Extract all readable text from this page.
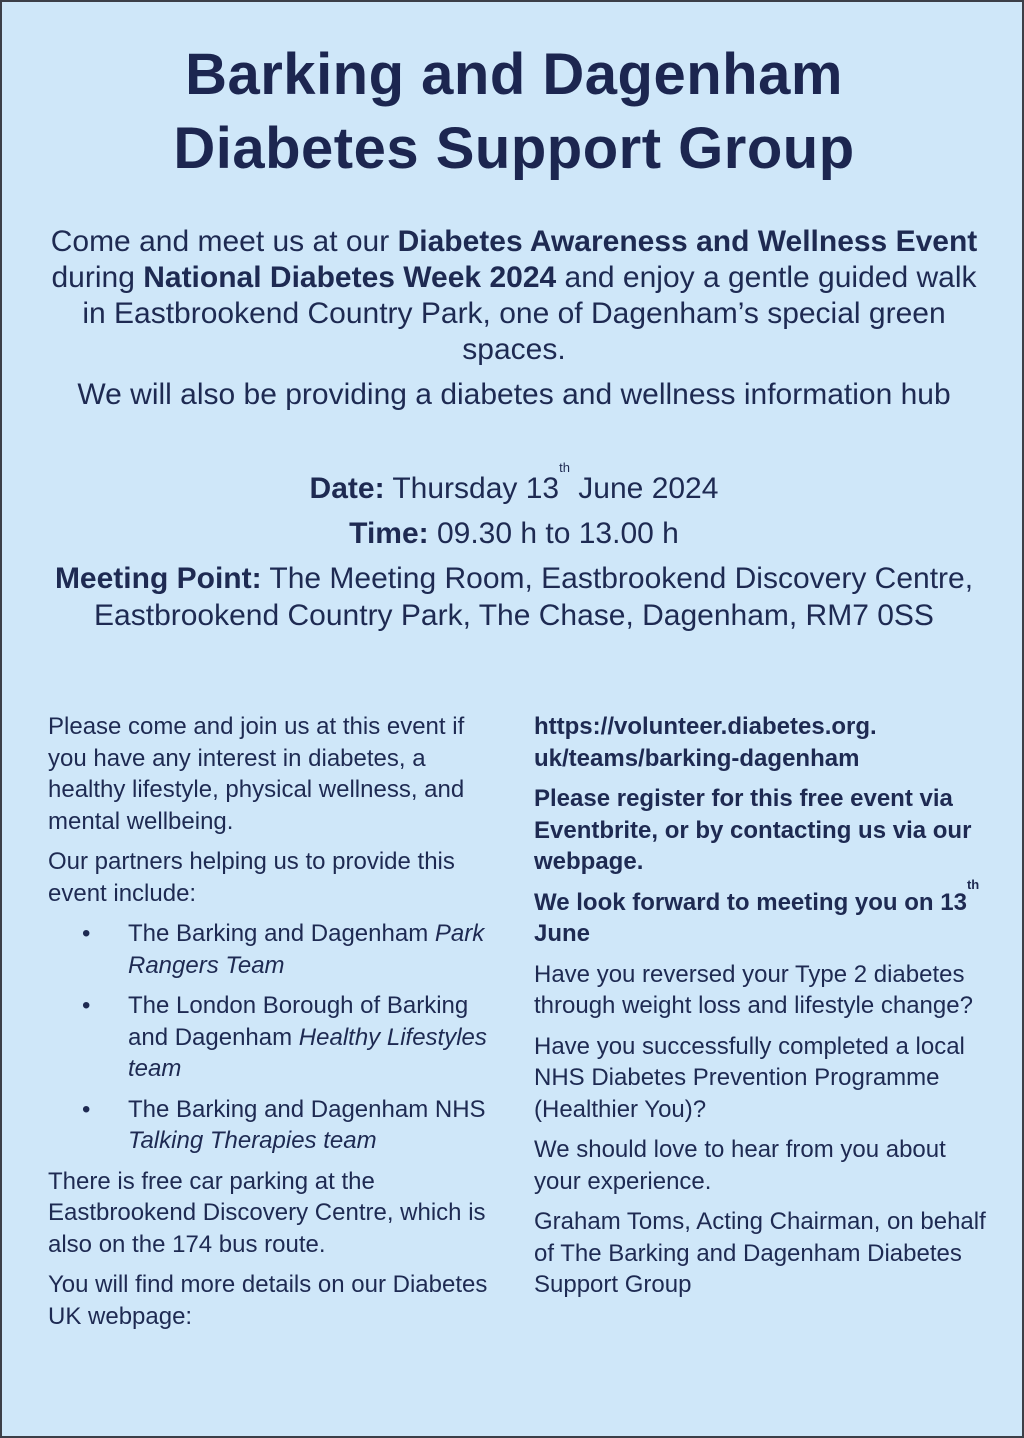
Barking and Dagenham
Diabetes Support Group

Come and meet us at our Diabetes Awareness and Wellness Event during National Diabetes Week 2024 and enjoy a gentle guided walk in Eastbrookend Country Park, one of Dagenham’s special green spaces.

We will also be providing a diabetes and wellness information hub

Date: Thursday 13th June 2024

Time: 09.30 h to 13.00 h

Meeting Point: The Meeting Room, Eastbrookend Discovery Centre, Eastbrookend Country Park, The Chase, Dagenham, RM7 0SS

Please come and join us at this event if you have any interest in diabetes, a healthy lifestyle, physical wellness, and mental wellbeing.

Our partners helping us to provide this event include:

• The Barking and Dagenham Park Rangers Team
• The London Borough of Barking and Dagenham Healthy Lifestyles team
• The Barking and Dagenham NHS Talking Therapies team

There is free car parking at the Eastbrookend Discovery Centre, which is also on the 174 bus route.

You will find more details on our Diabetes UK webpage:

https://volunteer.diabetes.org.
uk/teams/barking-dagenham

Please register for this free event via Eventbrite, or by contacting us via our webpage.

We look forward to meeting you on 13th June

Have you reversed your Type 2 diabetes through weight loss and lifestyle change?

Have you successfully completed a local NHS Diabetes Prevention Programme (Healthier You)?

We should love to hear from you about your experience.

Graham Toms, Acting Chairman, on behalf of The Barking and Dagenham Diabetes Support Group
